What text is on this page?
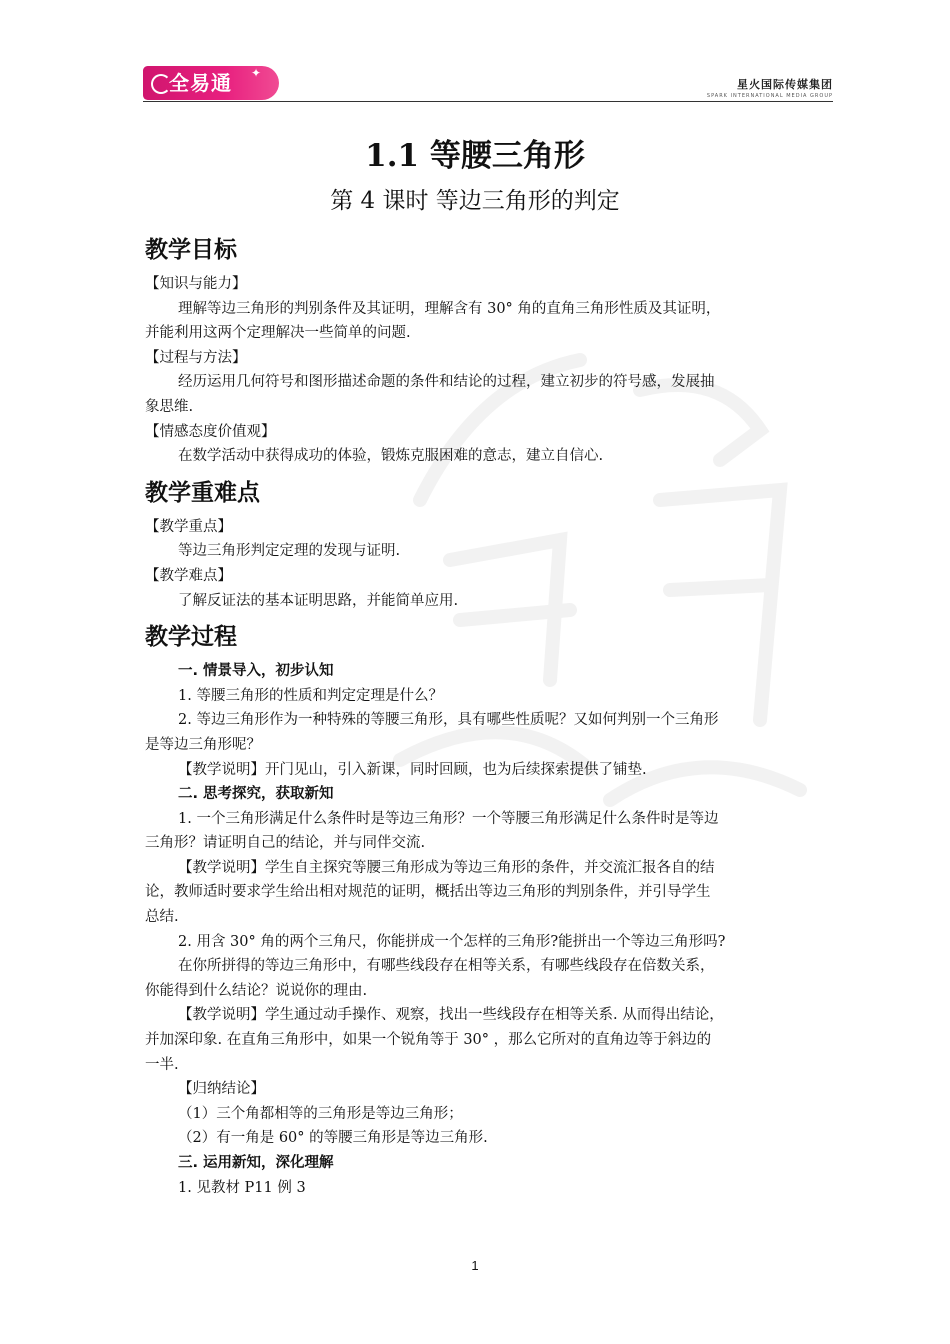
全易通 ✦
星火国际传媒集团
SPARK INTERNATIONAL MEDIA GROUP
1.1 等腰三角形
第 4 课时 等边三角形的判定
教学目标
【知识与能力】
理解等边三角形的判别条件及其证明，理解含有 30° 角的直角三角形性质及其证明，
并能利用这两个定理解决一些简单的问题.
【过程与方法】
经历运用几何符号和图形描述命题的条件和结论的过程，建立初步的符号感，发展抽
象思维.
【情感态度价值观】
在数学活动中获得成功的体验，锻炼克服困难的意志，建立自信心.
教学重难点
【教学重点】
等边三角形判定定理的发现与证明.
【教学难点】
了解反证法的基本证明思路，并能简单应用.
教学过程
一. 情景导入，初步认知
1. 等腰三角形的性质和判定定理是什么？
2. 等边三角形作为一种特殊的等腰三角形，具有哪些性质呢？又如何判别一个三角形
是等边三角形呢？
【教学说明】开门见山，引入新课，同时回顾，也为后续探索提供了铺垫.
二. 思考探究，获取新知
1. 一个三角形满足什么条件时是等边三角形？一个等腰三角形满足什么条件时是等边
三角形？请证明自己的结论，并与同伴交流.
【教学说明】学生自主探究等腰三角形成为等边三角形的条件，并交流汇报各自的结
论，教师适时要求学生给出相对规范的证明，概括出等边三角形的判别条件，并引导学生
总结.
2. 用含 30° 角的两个三角尺，你能拼成一个怎样的三角形?能拼出一个等边三角形吗?
在你所拼得的等边三角形中，有哪些线段存在相等关系，有哪些线段存在倍数关系，
你能得到什么结论？说说你的理由.
【教学说明】学生通过动手操作、观察，找出一些线段存在相等关系. 从而得出结论，
并加深印象. 在直角三角形中，如果一个锐角等于 30° ，那么它所对的直角边等于斜边的
一半.
【归纳结论】
（1）三个角都相等的三角形是等边三角形；
（2）有一角是 60° 的等腰三角形是等边三角形.
三. 运用新知，深化理解
1. 见教材 P11 例 3
1
